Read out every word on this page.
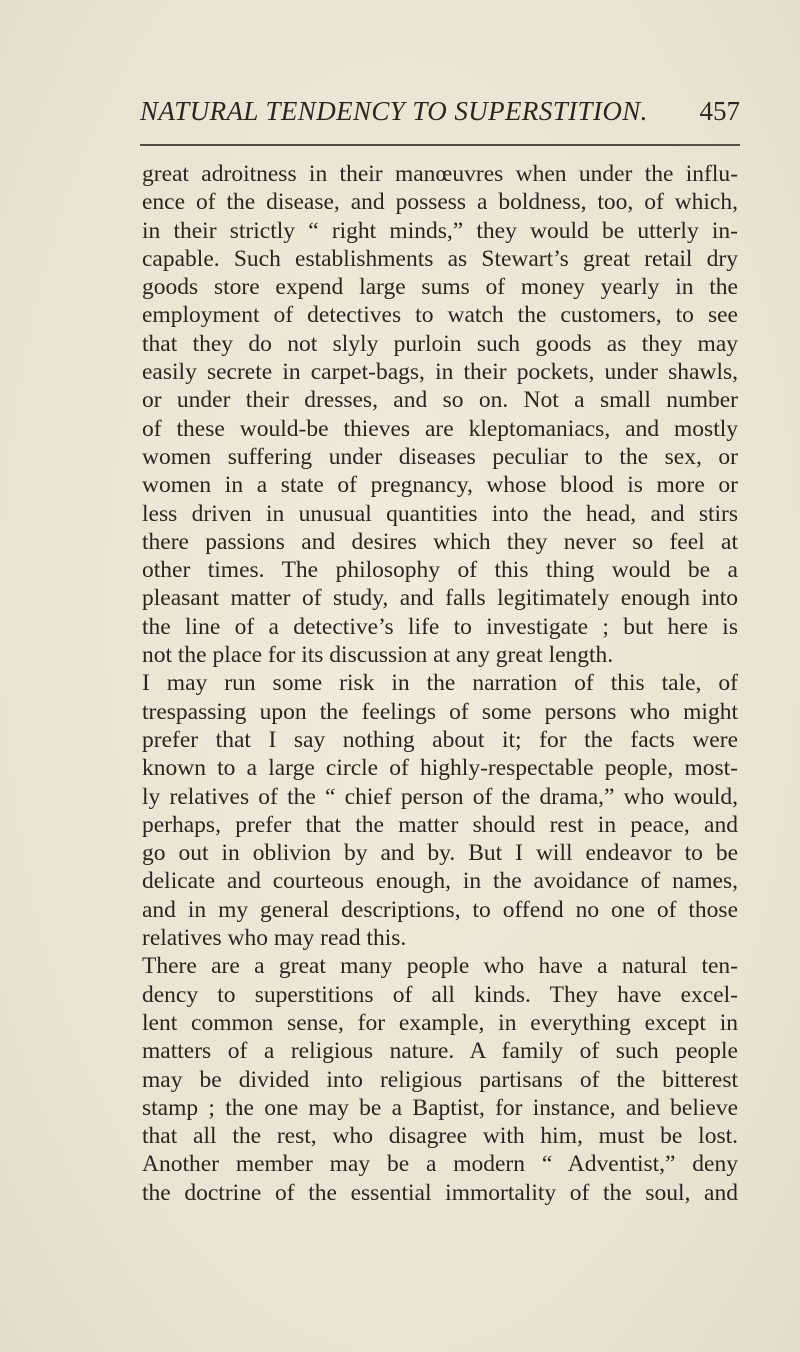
NATURAL TENDENCY TO SUPERSTITION. 457
great adroitness in their manœuvres when under the influ-
ence of the disease, and possess a boldness, too, of which,
in their strictly “ right minds,” they would be utterly in-
capable. Such establishments as Stewart’s great retail dry
goods store expend large sums of money yearly in the
employment of detectives to watch the customers, to see
that they do not slyly purloin such goods as they may
easily secrete in carpet-bags, in their pockets, under shawls,
or under their dresses, and so on. Not a small number
of these would-be thieves are kleptomaniacs, and mostly
women suffering under diseases peculiar to the sex, or
women in a state of pregnancy, whose blood is more or
less driven in unusual quantities into the head, and stirs
there passions and desires which they never so feel at
other times. The philosophy of this thing would be a
pleasant matter of study, and falls legitimately enough into
the line of a detective’s life to investigate ; but here is
not the place for its discussion at any great length.
I may run some risk in the narration of this tale, of
trespassing upon the feelings of some persons who might
prefer that I say nothing about it; for the facts were
known to a large circle of highly-respectable people, most-
ly relatives of the “ chief person of the drama,” who would,
perhaps, prefer that the matter should rest in peace, and
go out in oblivion by and by. But I will endeavor to be
delicate and courteous enough, in the avoidance of names,
and in my general descriptions, to offend no one of those
relatives who may read this.
There are a great many people who have a natural ten-
dency to superstitions of all kinds. They have excel-
lent common sense, for example, in everything except in
matters of a religious nature. A family of such people
may be divided into religious partisans of the bitterest
stamp ; the one may be a Baptist, for instance, and believe
that all the rest, who disagree with him, must be lost.
Another member may be a modern “ Adventist,” deny
the doctrine of the essential immortality of the soul, and
